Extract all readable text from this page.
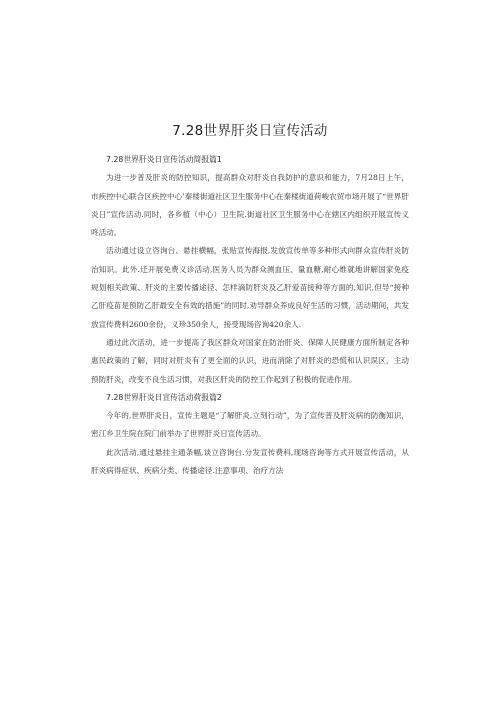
7.28世界肝炎日宣传活动

7.28世界肝炎日宣传活动简报篇1

为进一步普及肝炎的防控知识，提高群众对肝炎自我防护的意识和能力，7月28日上午，市疾控中心联合区疾控中心’秦楼街道社区卫生服务中心在秦楼街道荷峻农贸市场开展了“世界肝炎日”宣传活动.同时，各乡植（中心）卫生院.街道社区卫生服务中心在辖区内组织开展宣传义咚活动。

活动通过设立咨询台、悬挂横幅，张贴宣传海报,发放宣传单等多种形式向群众宣传肝炎防治知识。此外.迁开展免费义诊活动,医务人员为群众测血压、量血糖,耐心维就地讲解国家免疫规划相关政策、肝炎的主要传播途径、怎样滴防肝炎及乙肝爱苗接种等方面的,知识,但导“接种乙肝疫苗是预防乙肝最安全有效的措施”的同时,劝导群众养成良好生活的习惯，活动期间，共发放宣传费料2600余份，义珍350余人，接受现场咨询420余人.

通过此次活动，进一步提高了我区群众对国家在防治肝炎、保障人民健康方面所制定各种惠民政策的了解，同时对肝炎有了更全面的认识，进而消除了对肝炎的恐慌和认识误区，主动预防肝炎，改变不良生活习惯，对我区肝炎的防控工作起到了积极的促进作用。

7.28世界肝炎日宣传活动荷报篇2

今年的,世界肝炎日，宣传主题是“了解肝炎,立刻行动”，为了宣传普及肝炎病的防衡知识，密江乡卫生院在院门前举办了世界肝炎日宣传活动。

此次活动,通过悬挂主通条幅,谈立咨询台.分发宣传费科,现场咨询等方式开展宣传活动，从肝炎病得症状、疾病分类、传播途径.注意事项、治疗方法
